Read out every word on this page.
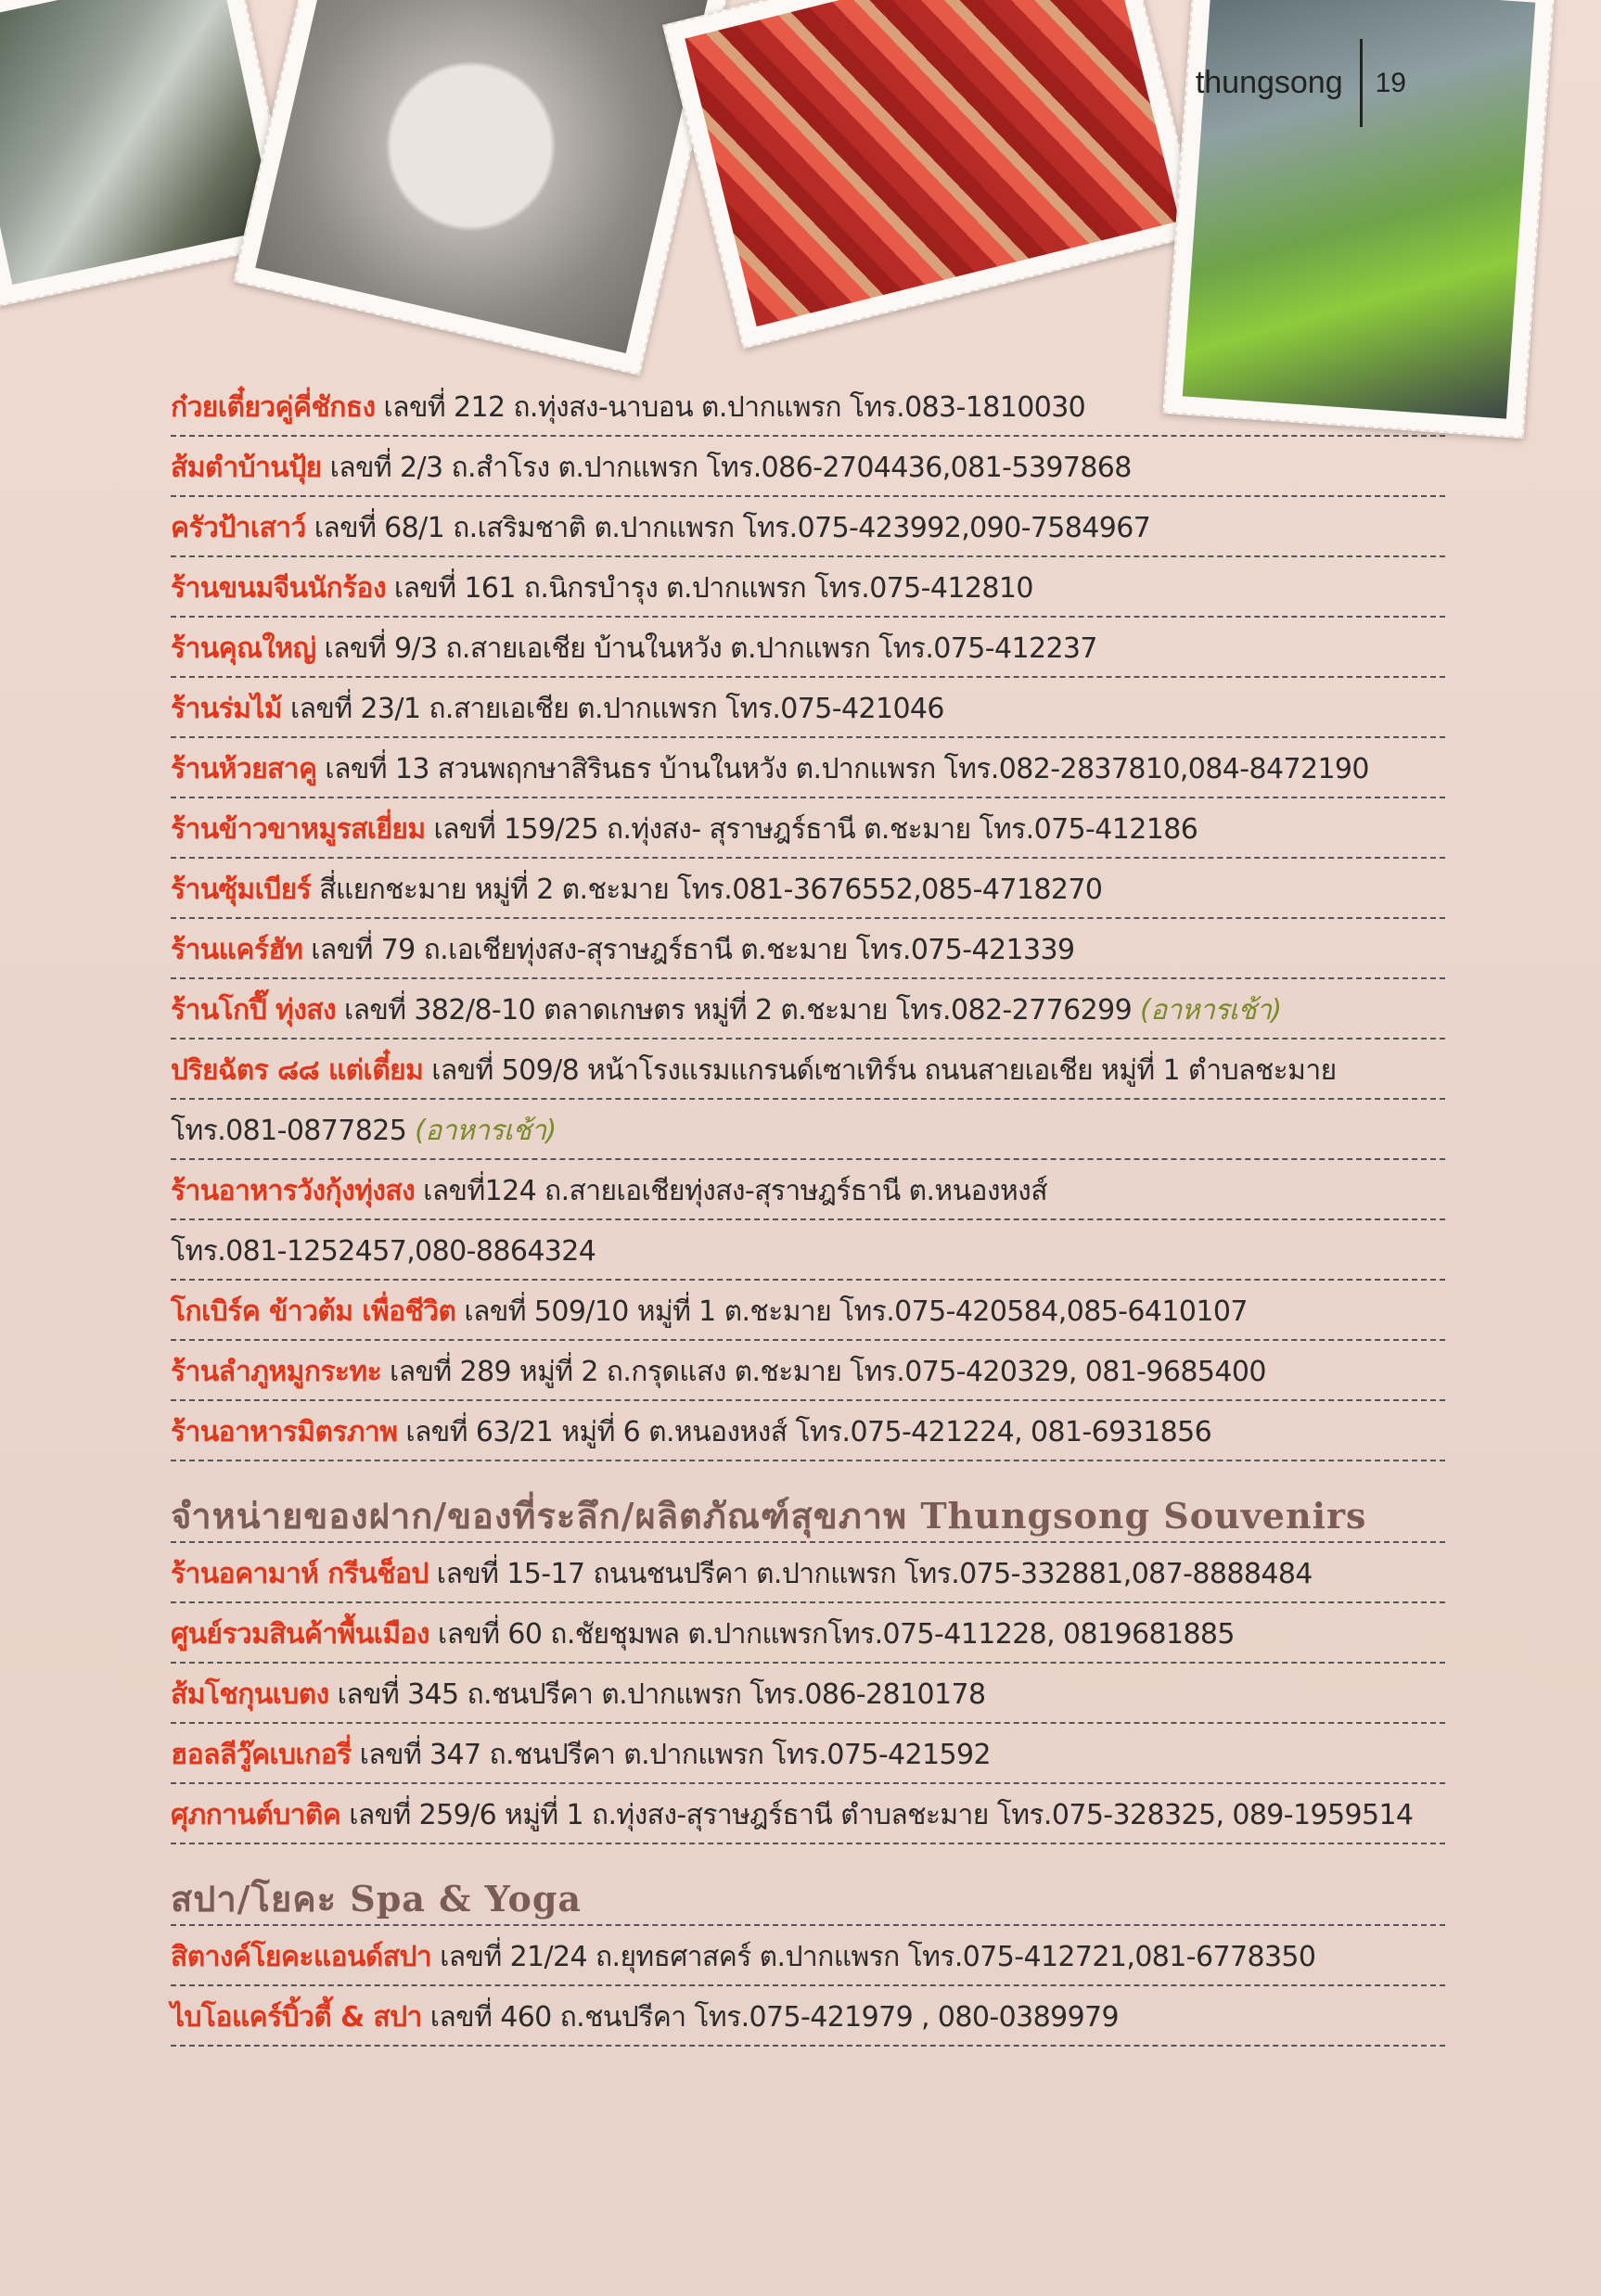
thungsong 19
ก๋วยเตี๋ยวคู่คี่ชักธง เลขที่ 212 ถ.ทุ่งสง-นาบอน ต.ปากแพรก โทร.083-1810030
ส้มตำบ้านปุ้ย เลขที่ 2/3 ถ.สำโรง ต.ปากแพรก โทร.086-2704436,081-5397868
ครัวป้าเสาว์ เลขที่ 68/1 ถ.เสริมชาติ ต.ปากแพรก โทร.075-423992,090-7584967
ร้านขนมจีนนักร้อง เลขที่ 161 ถ.นิกรบำรุง ต.ปากแพรก โทร.075-412810
ร้านคุณใหญ่ เลขที่ 9/3 ถ.สายเอเชีย บ้านในหวัง ต.ปากแพรก โทร.075-412237
ร้านร่มไม้ เลขที่ 23/1 ถ.สายเอเชีย ต.ปากแพรก โทร.075-421046
ร้านห้วยสาคู เลขที่ 13 สวนพฤกษาสิรินธร บ้านในหวัง ต.ปากแพรก โทร.082-2837810,084-8472190
ร้านข้าวขาหมูรสเยี่ยม เลขที่ 159/25 ถ.ทุ่งสง- สุราษฎร์ธานี ต.ชะมาย โทร.075-412186
ร้านซุ้มเบียร์ สี่แยกชะมาย หมู่ที่ 2 ต.ชะมาย โทร.081-3676552,085-4718270
ร้านแคร์ฮัท เลขที่ 79 ถ.เอเชียทุ่งสง-สุราษฎร์ธานี ต.ชะมาย โทร.075-421339
ร้านโกปี๊ ทุ่งสง เลขที่ 382/8-10 ตลาดเกษตร หมู่ที่ 2 ต.ชะมาย โทร.082-2776299 (อาหารเช้า)
ปริยฉัตร ๘๘ แต่เตี๋ยม เลขที่ 509/8 หน้าโรงแรมแกรนด์เซาเทิร์น ถนนสายเอเชีย หมู่ที่ 1 ตำบลชะมาย
โทร.081-0877825 (อาหารเช้า)
ร้านอาหารวังกุ้งทุ่งสง เลขที่124 ถ.สายเอเชียทุ่งสง-สุราษฎร์ธานี ต.หนองหงส์
โทร.081-1252457,080-8864324
โกเบิร์ค ข้าวต้ม เพื่อชีวิต เลขที่ 509/10 หมู่ที่ 1 ต.ชะมาย โทร.075-420584,085-6410107
ร้านลำภูหมูกระทะ เลขที่ 289 หมู่ที่ 2 ถ.กรุดแสง ต.ชะมาย โทร.075-420329, 081-9685400
ร้านอาหารมิตรภาพ เลขที่ 63/21 หมู่ที่ 6 ต.หนองหงส์ โทร.075-421224, 081-6931856
จำหน่ายของฝาก/ของที่ระลึก/ผลิตภัณฑ์สุขภาพ Thungsong Souvenirs
ร้านอคามาห์ กรีนช็อป เลขที่ 15-17 ถนนชนปรีคา ต.ปากแพรก โทร.075-332881,087-8888484
ศูนย์รวมสินค้าพื้นเมือง เลขที่ 60 ถ.ชัยชุมพล ต.ปากแพรกโทร.075-411228, 0819681885
ส้มโชกุนเบตง เลขที่ 345 ถ.ชนปรีคา ต.ปากแพรก โทร.086-2810178
ฮอลลีวู๊คเบเกอรี่ เลขที่ 347 ถ.ชนปรีคา ต.ปากแพรก โทร.075-421592
ศุภกานต์บาติค เลขที่ 259/6 หมู่ที่ 1 ถ.ทุ่งสง-สุราษฎร์ธานี ตำบลชะมาย โทร.075-328325, 089-1959514
สปา/โยคะ Spa & Yoga
สิตางค์โยคะแอนด์สปา เลขที่ 21/24 ถ.ยุทธศาสคร์ ต.ปากแพรก โทร.075-412721,081-6778350
ไบโอแคร์บิ้วตี้ & สปา เลขที่ 460 ถ.ชนปรีคา โทร.075-421979 , 080-0389979
